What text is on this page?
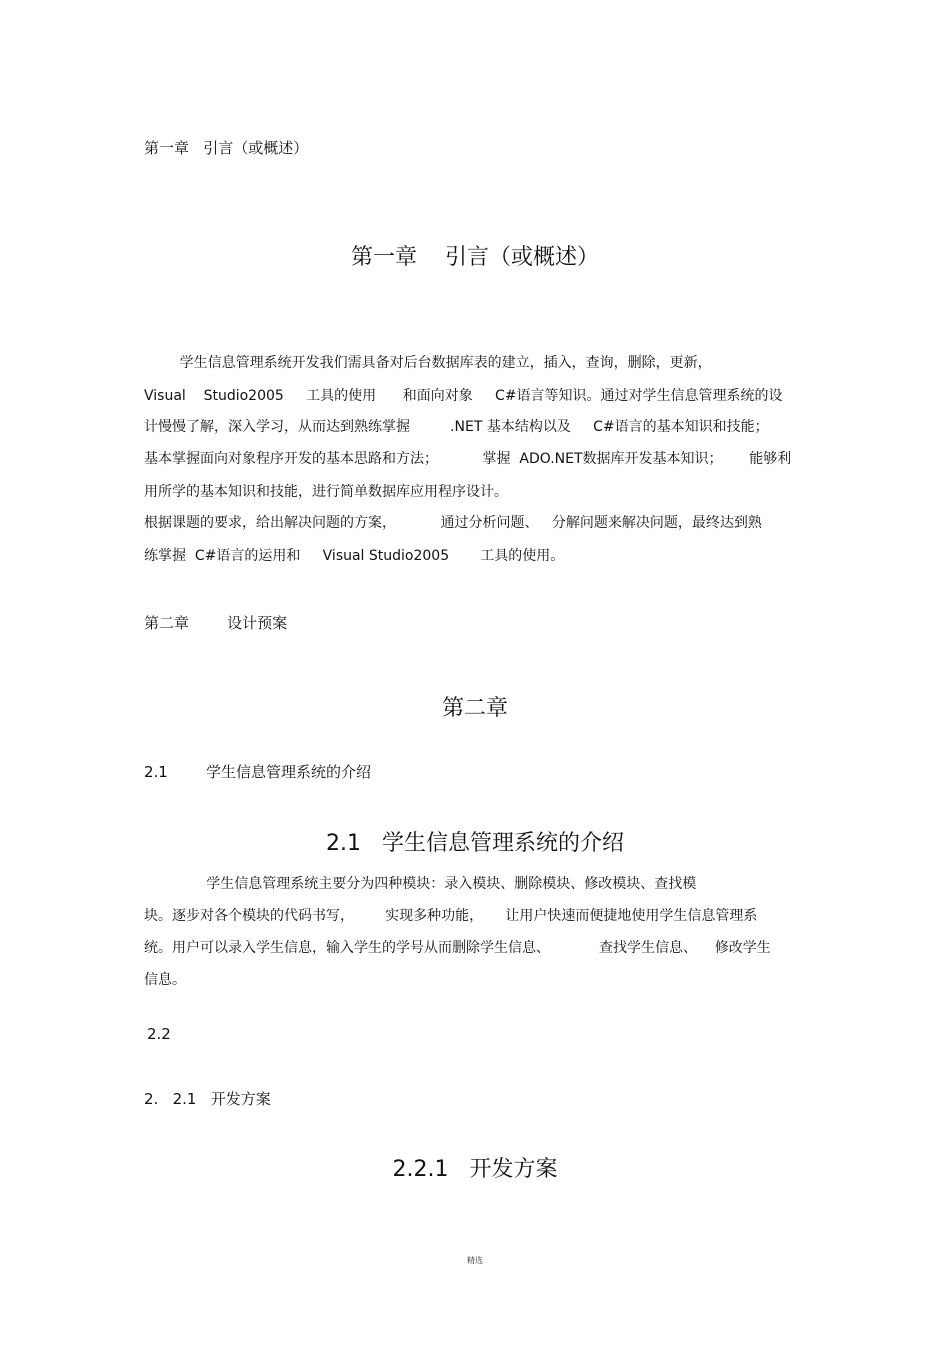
第一章   引言（或概述）

第一章    引言（或概述）

学生信息管理系统开发我们需具备对后台数据库表的建立，插入，查询，删除，更新，

Visual    Studio2005     工具的使用      和面向对象     C#语言等知识。通过对学生信息管理系统的设

计慢慢了解，深入学习，从而达到熟练掌握         .NET 基本结构以及     C#语言的基本知识和技能；

基本掌握面向对象程序开发的基本思路和方法；          掌握  ADO.NET数据库开发基本知识；      能够利

用所学的基本知识和技能，进行简单数据库应用程序设计。

根据课题的要求，给出解决问题的方案，          通过分析问题、   分解问题来解决问题，最终达到熟

练掌握  C#语言的运用和     Visual Studio2005       工具的使用。

第二章        设计预案

第二章

2.1        学生信息管理系统的介绍

2.1   学生信息管理系统的介绍

学生信息管理系统主要分为四种模块：录入模块、删除模块、修改模块、查找模

块。逐步对各个模块的代码书写，       实现多种功能，     让用户快速而便捷地使用学生信息管理系

统。用户可以录入学生信息，输入学生的学号从而删除学生信息、           查找学生信息、    修改学生

信息。

2.2

2.   2.1   开发方案

2.2.1   开发方案

精选
